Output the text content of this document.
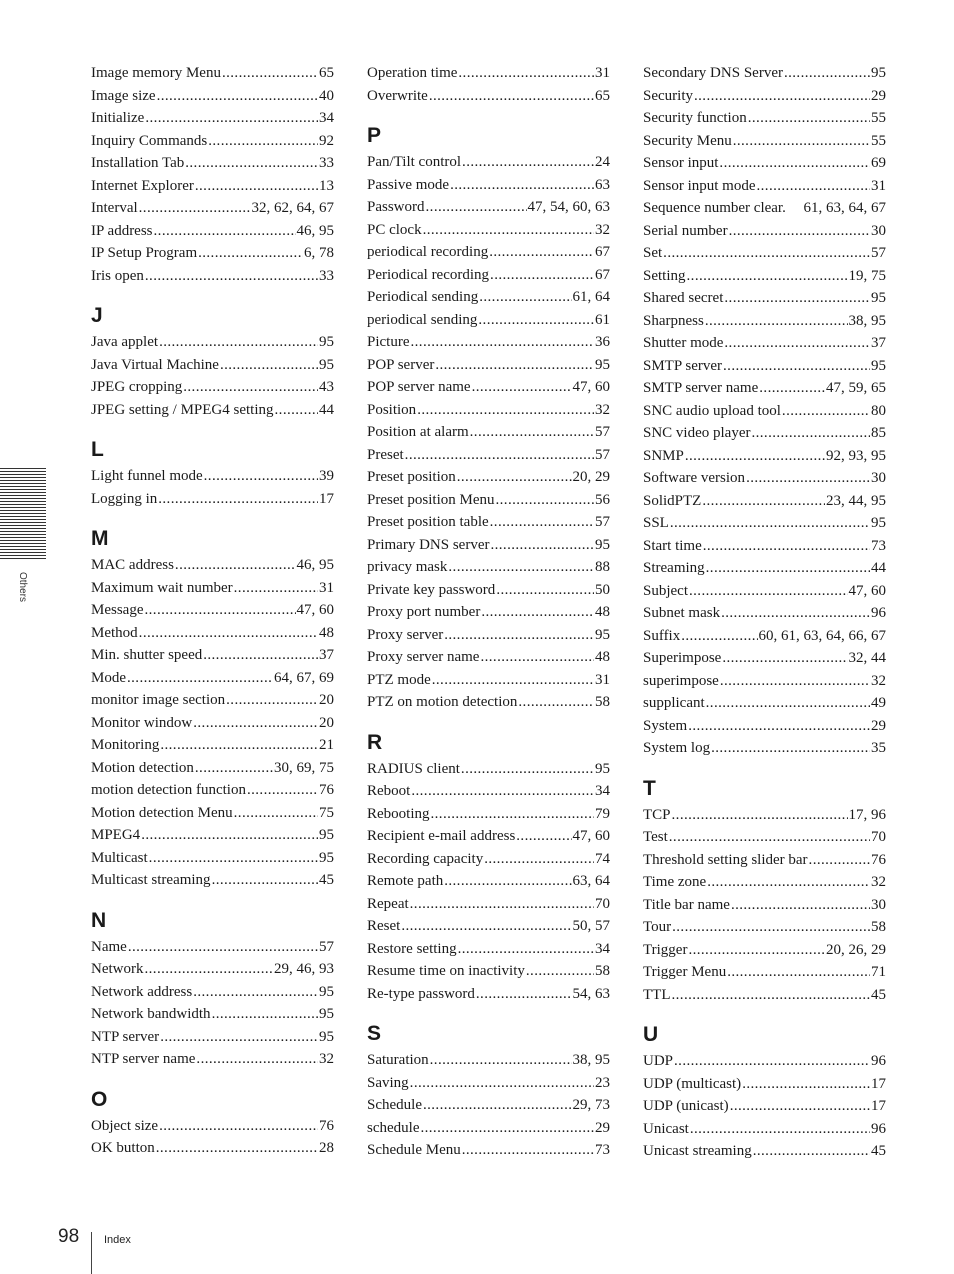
Image memory Menu .....	65
Image size .....	40
Initialize .....	34
Inquiry Commands .....	92
Installation Tab .....	33
Internet Explorer .....	13
Interval .....	32, 62, 64, 67
IP address .....	46, 95
IP Setup Program .....	6, 78
Iris open .....	33
J
Java applet .....	95
Java Virtual Machine .....	95
JPEG cropping .....	43
JPEG setting / MPEG4 setting .....	44
L
Light funnel mode .....	39
Logging in .....	17
M
MAC address .....	46, 95
Maximum wait number .....	31
Message .....	47, 60
Method .....	48
Min. shutter speed .....	37
Mode .....	64, 67, 69
monitor image section .....	20
Monitor window .....	20
Monitoring .....	21
Motion detection .....	30, 69, 75
motion detection function .....	76
Motion detection Menu .....	75
MPEG4 .....	95
Multicast .....	95
Multicast streaming .....	45
N
Name .....	57
Network .....	29, 46, 93
Network address .....	95
Network bandwidth .....	95
NTP server .....	95
NTP server name .....	32
O
Object size .....	76
OK button .....	28
Operation time .....	31
Overwrite .....	65
P
Pan/Tilt control .....	24
Passive mode .....	63
Password .....	47, 54, 60, 63
PC clock .....	32
periodical recording .....	67
Periodical recording .....	67
Periodical sending .....	61, 64
periodical sending .....	61
Picture .....	36
POP server .....	95
POP server name .....	47, 60
Position .....	32
Position at alarm .....	57
Preset .....	57
Preset position .....	20, 29
Preset position Menu .....	56
Preset position table .....	57
Primary DNS server .....	95
privacy mask .....	88
Private key password .....	50
Proxy port number .....	48
Proxy server .....	95
Proxy server name .....	48
PTZ mode .....	31
PTZ on motion detection .....	58
R
RADIUS client .....	95
Reboot .....	34
Rebooting .....	79
Recipient e-mail address .....	47, 60
Recording capacity .....	74
Remote path .....	63, 64
Repeat .....	70
Reset .....	50, 57
Restore setting .....	34
Resume time on inactivity .....	58
Re-type password .....	54, 63
S
Saturation .....	38, 95
Saving .....	23
Schedule .....	29, 73
schedule .....	29
Schedule Menu .....	73
Secondary DNS Server .....	95
Security .....	29
Security function .....	55
Security Menu .....	55
Sensor input .....	69
Sensor input mode .....	31
Sequence number clear. 61, 63, 64, 67
Serial number .....	30
Set .....	57
Setting .....	19, 75
Shared secret .....	95
Sharpness .....	38, 95
Shutter mode .....	37
SMTP server .....	95
SMTP server name .....	47, 59, 65
SNC audio upload tool .....	80
SNC video player .....	85
SNMP .....	92, 93, 95
Software version .....	30
SolidPTZ .....	23, 44, 95
SSL .....	95
Start time .....	73
Streaming .....	44
Subject .....	47, 60
Subnet mask .....	96
Suffix .....	60, 61, 63, 64, 66, 67
Superimpose .....	32, 44
superimpose .....	32
supplicant .....	49
System .....	29
System log .....	35
T
TCP .....	17, 96
Test .....	70
Threshold setting slider bar .....	76
Time zone .....	32
Title bar name .....	30
Tour .....	58
Trigger .....	20, 26, 29
Trigger Menu .....	71
TTL .....	45
U
UDP .....	96
UDP (multicast) .....	17
UDP (unicast) .....	17
Unicast .....	96
Unicast streaming .....	45
Others
98 Index
